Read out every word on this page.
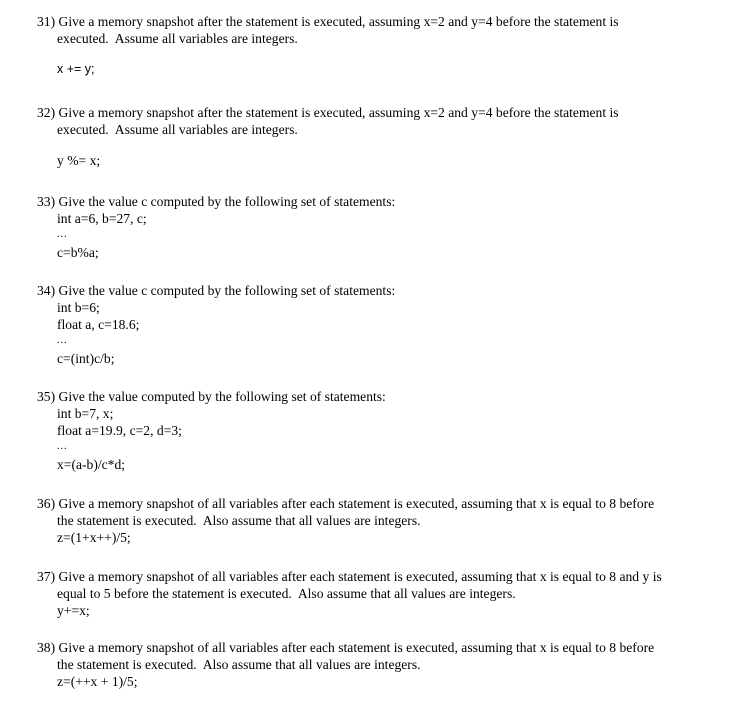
31) Give a memory snapshot after the statement is executed, assuming x=2 and y=4 before the statement is
executed.  Assume all variables are integers.
x += y;
32) Give a memory snapshot after the statement is executed, assuming x=2 and y=4 before the statement is
executed.  Assume all variables are integers.
y %= x;
33) Give the value c computed by the following set of statements:
int a=6, b=27, c;
...
c=b%a;
34) Give the value c computed by the following set of statements:
int b=6;
float a, c=18.6;
...
c=(int)c/b;
35) Give the value computed by the following set of statements:
int b=7, x;
float a=19.9, c=2, d=3;
...
x=(a-b)/c*d;
36) Give a memory snapshot of all variables after each statement is executed, assuming that x is equal to 8 before
the statement is executed.  Also assume that all values are integers.
z=(1+x++)/5;
37) Give a memory snapshot of all variables after each statement is executed, assuming that x is equal to 8 and y is
equal to 5 before the statement is executed.  Also assume that all values are integers.
y+=x;
38) Give a memory snapshot of all variables after each statement is executed, assuming that x is equal to 8 before
the statement is executed.  Also assume that all values are integers.
z=(++x + 1)/5;
